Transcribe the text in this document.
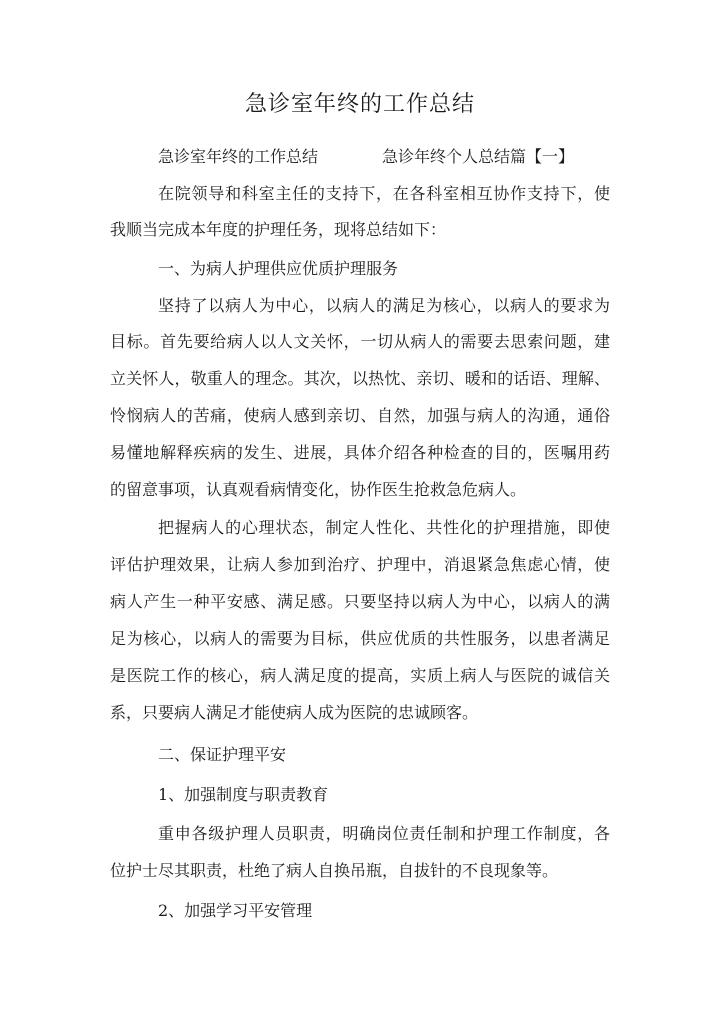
急诊室年终的工作总结
急诊室年终的工作总结	急诊年终个人总结篇【一】
在院领导和科室主任的支持下，在各科室相互协作支持下，使
我顺当完成本年度的护理任务，现将总结如下：
一、为病人护理供应优质护理服务
坚持了以病人为中心，以病人的满足为核心，以病人的要求为
目标。首先要给病人以人文关怀，一切从病人的需要去思索问题，建
立关怀人，敬重人的理念。其次，以热忱、亲切、暖和的话语、理解、
怜悯病人的苦痛，使病人感到亲切、自然，加强与病人的沟通，通俗
易懂地解释疾病的发生、进展，具体介绍各种检查的目的，医嘱用药
的留意事项，认真观看病情变化，协作医生抢救急危病人。
把握病人的心理状态，制定人性化、共性化的护理措施，即使
评估护理效果，让病人参加到治疗、护理中，消退紧急焦虑心情，使
病人产生一种平安感、满足感。只要坚持以病人为中心，以病人的满
足为核心，以病人的需要为目标，供应优质的共性服务，以患者满足
是医院工作的核心，病人满足度的提高，实质上病人与医院的诚信关
系，只要病人满足才能使病人成为医院的忠诚顾客。
二、保证护理平安
1、加强制度与职责教育
重申各级护理人员职责，明确岗位责任制和护理工作制度，各
位护士尽其职责，杜绝了病人自换吊瓶，自拔针的不良现象等。
2、加强学习平安管理
